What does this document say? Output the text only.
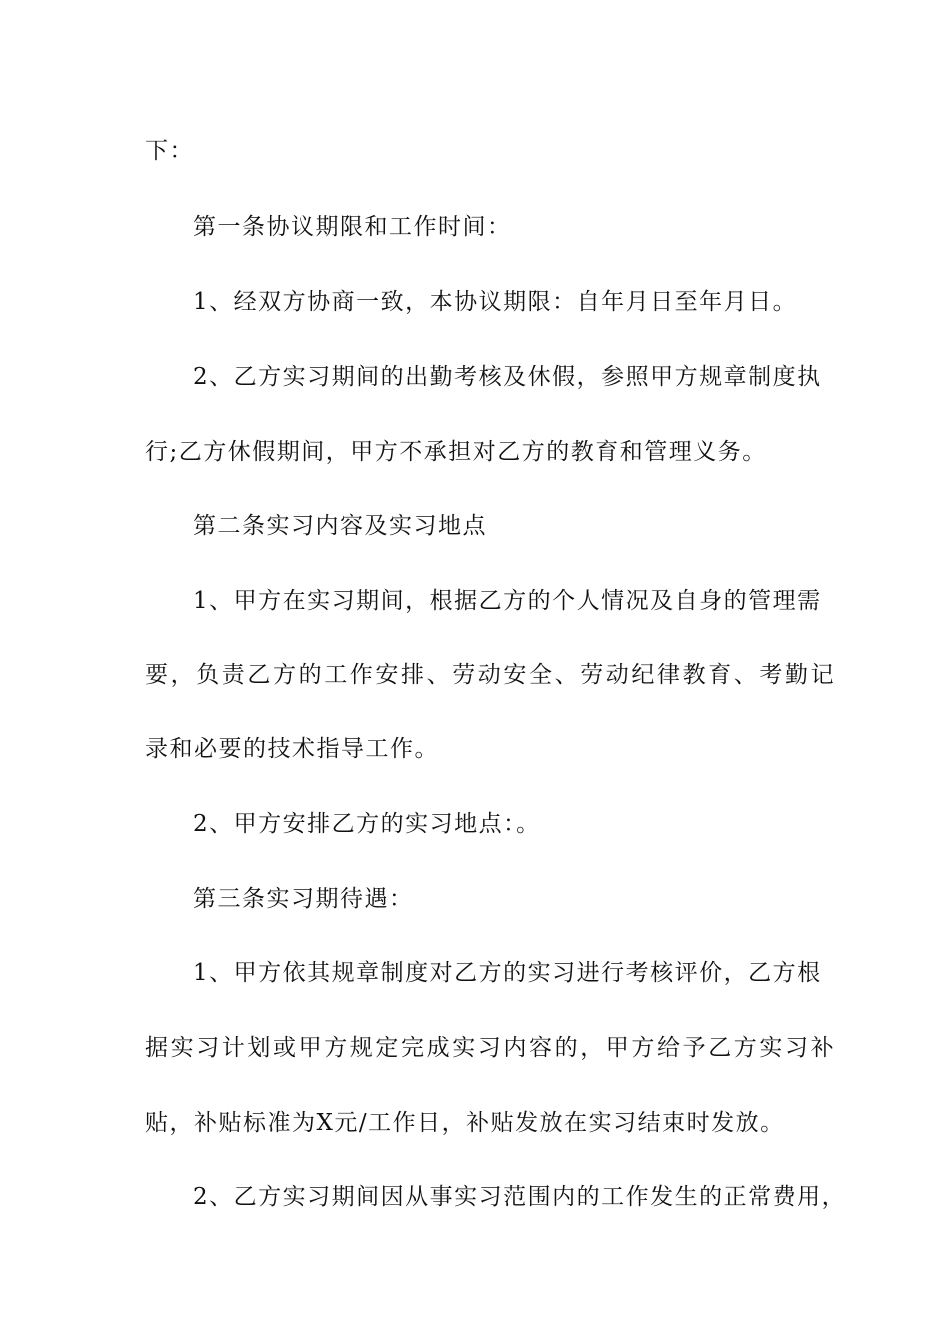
下：
第一条协议期限和工作时间：
1、经双方协商一致，本协议期限：自年月日至年月日。
2、乙方实习期间的出勤考核及休假，参照甲方规章制度执
行;乙方休假期间，甲方不承担对乙方的教育和管理义务。
第二条实习内容及实习地点
1、甲方在实习期间，根据乙方的个人情况及自身的管理需
要，负责乙方的工作安排、劳动安全、劳动纪律教育、考勤记
录和必要的技术指导工作。
2、甲方安排乙方的实习地点：。
第三条实习期待遇：
1、甲方依其规章制度对乙方的实习进行考核评价，乙方根
据实习计划或甲方规定完成实习内容的，甲方给予乙方实习补
贴，补贴标准为X元/工作日，补贴发放在实习结束时发放。
2、乙方实习期间因从事实习范围内的工作发生的正常费用，
